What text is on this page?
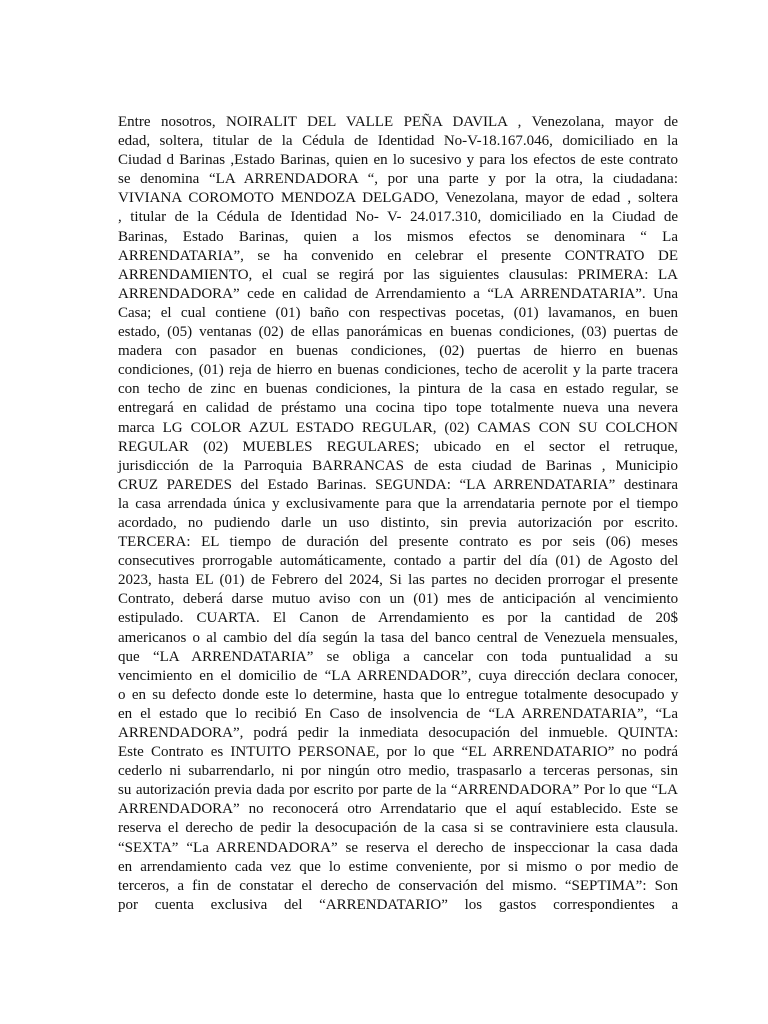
Entre nosotros, NOIRALIT DEL VALLE PEÑA DAVILA , Venezolana, mayor de
edad, soltera, titular de la Cédula de Identidad No-V-18.167.046, domiciliado en la
Ciudad d Barinas ,Estado Barinas, quien en lo sucesivo y para los efectos de este contrato
se denomina “LA ARRENDADORA “, por una parte y por la otra, la ciudadana:
VIVIANA COROMOTO MENDOZA DELGADO, Venezolana, mayor de edad , soltera
, titular de la Cédula de Identidad No- V- 24.017.310, domiciliado en la Ciudad de
Barinas, Estado Barinas, quien a los mismos efectos se denominara “ La
ARRENDATARIA”, se ha convenido en celebrar el presente CONTRATO DE
ARRENDAMIENTO, el cual se regirá por las siguientes clausulas: PRIMERA: LA
ARRENDADORA” cede en calidad de Arrendamiento a “LA ARRENDATARIA”. Una
Casa; el cual contiene (01) baño con respectivas pocetas, (01) lavamanos, en buen
estado, (05) ventanas (02) de ellas panorámicas en buenas condiciones, (03) puertas de
madera con pasador en buenas condiciones, (02) puertas de hierro en buenas
condiciones, (01) reja de hierro en buenas condiciones, techo de acerolit y la parte tracera
con techo de zinc en buenas condiciones, la pintura de la casa en estado regular, se
entregará en calidad de préstamo una cocina tipo tope totalmente nueva una nevera
marca LG COLOR AZUL ESTADO REGULAR, (02) CAMAS CON SU COLCHON
REGULAR (02) MUEBLES REGULARES; ubicado en el sector el retruque,
jurisdicción de la Parroquia BARRANCAS de esta ciudad de Barinas , Municipio
CRUZ PAREDES del Estado Barinas. SEGUNDA: “LA ARRENDATARIA” destinara
la casa arrendada única y exclusivamente para que la arrendataria pernote por el tiempo
acordado, no pudiendo darle un uso distinto, sin previa autorización por escrito.
TERCERA: EL tiempo de duración del presente contrato es por seis (06) meses
consecutives prorrogable automáticamente, contado a partir del día (01) de Agosto del
2023, hasta EL (01) de Febrero del 2024, Si las partes no deciden prorrogar el presente
Contrato, deberá darse mutuo aviso con un (01) mes de anticipación al vencimiento
estipulado. CUARTA. El Canon de Arrendamiento es por la cantidad de 20$
americanos o al cambio del día según la tasa del banco central de Venezuela mensuales,
que “LA ARRENDATARIA” se obliga a cancelar con toda puntualidad a su
vencimiento en el domicilio de “LA ARRENDADOR”, cuya dirección declara conocer,
o en su defecto donde este lo determine, hasta que lo entregue totalmente desocupado y
en el estado que lo recibió En Caso de insolvencia de “LA ARRENDATARIA”, “La
ARRENDADORA”, podrá pedir la inmediata desocupación del inmueble. QUINTA:
Este Contrato es INTUITO PERSONAE, por lo que “EL ARRENDATARIO” no podrá
cederlo ni subarrendarlo, ni por ningún otro medio, traspasarlo a terceras personas, sin
su autorización previa dada por escrito por parte de la “ARRENDADORA” Por lo que “LA
ARRENDADORA” no reconocerá otro Arrendatario que el aquí establecido. Este se
reserva el derecho de pedir la desocupación de la casa si se contraviniere esta clausula.
“SEXTA” “La ARRENDADORA” se reserva el derecho de inspeccionar la casa dada
en arrendamiento cada vez que lo estime conveniente, por si mismo o por medio de
terceros, a fin de constatar el derecho de conservación del mismo. “SEPTIMA”: Son
por cuenta exclusiva del “ARRENDATARIO” los gastos correspondientes a
